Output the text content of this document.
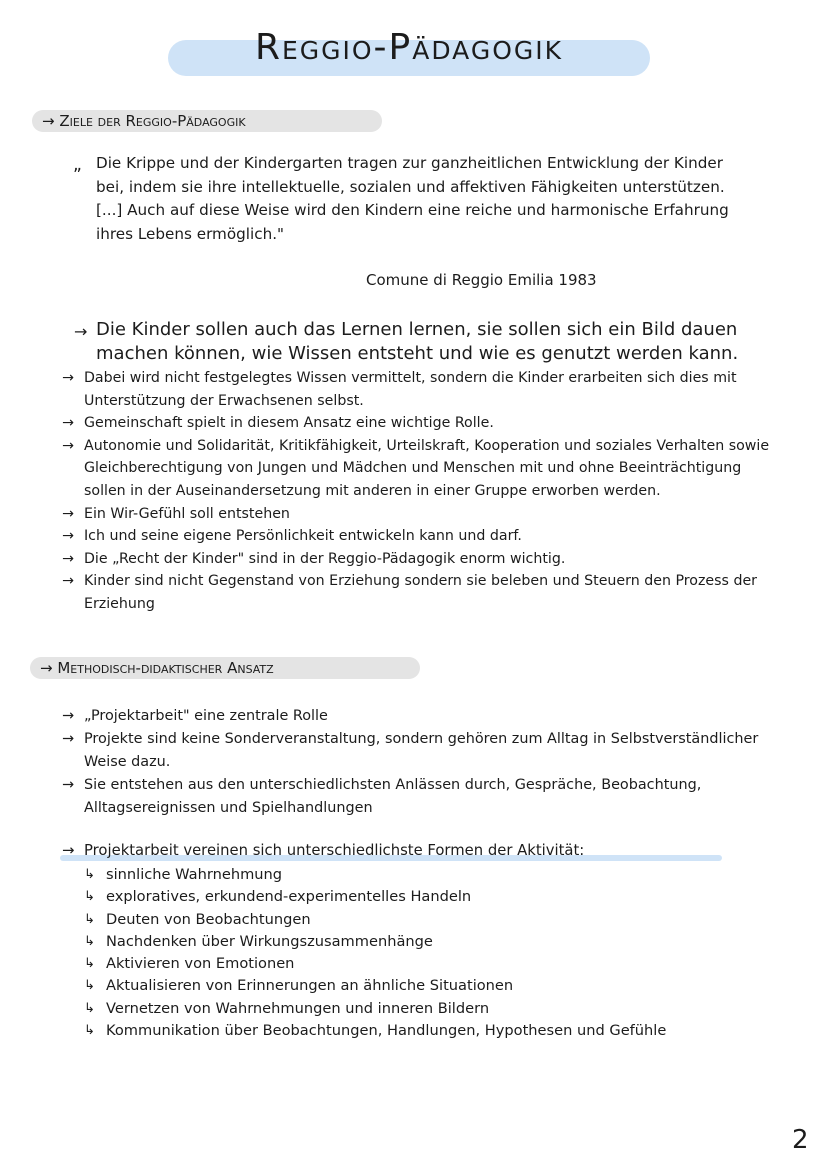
Reggio-Pädagogik
→ Ziele der Reggio-Pädagogik
„ Die Krippe und der Kindergarten tragen zur ganzheitlichen Entwicklung der Kinder bei, indem sie ihre intellektuelle, sozialen und affektiven Fähigkeiten unterstützen. [...] Auch auf diese Weise wird den Kindern eine reiche und harmonische Erfahrung ihres Lebens ermöglich."
Comune di Reggio Emilia 1983
→ Die Kinder sollen auch das Lernen lernen, sie sollen sich ein Bild dauen machen können, wie Wissen entsteht und wie es genutzt werden kann.
→ Dabei wird nicht festgelegtes Wissen vermittelt, sondern die Kinder erarbeiten sich dies mit Unterstützung der Erwachsenen selbst.
→ Gemeinschaft spielt in diesem Ansatz eine wichtige Rolle.
→ Autonomie und Solidarität, Kritikfähigkeit, Urteilskraft, Kooperation und soziales Verhalten sowie Gleichberechtigung von Jungen und Mädchen und Menschen mit und ohne Beeinträchtigung sollen in der Auseinandersetzung mit anderen in einer Gruppe erworben werden.
→ Ein Wir-Gefühl soll entstehen
→ Ich und seine eigene Persönlichkeit entwickeln kann und darf.
→ Die „Recht der Kinder" sind in der Reggio-Pädagogik enorm wichtig.
→ Kinder sind nicht Gegenstand von Erziehung sondern sie beleben und Steuern den Prozess der Erziehung
→ Methodisch-didaktischer Ansatz
→ „Projektarbeit" eine zentrale Rolle
→ Projekte sind keine Sonderveranstaltung, sondern gehören zum Alltag in Selbstverständlicher Weise dazu.
→ Sie entstehen aus den unterschiedlichsten Anlässen durch, Gespräche, Beobachtung, Alltagsereignissen und Spielhandlungen
→ Projektarbeit vereinen sich unterschiedlichste Formen der Aktivität:
↳ sinnliche Wahrnehmung
↳ exploratives, erkundend-experimentelles Handeln
↳ Deuten von Beobachtungen
↳ Nachdenken über Wirkungszusammenhänge
↳ Aktivieren von Emotionen
↳ Aktualisieren von Erinnerungen an ähnliche Situationen
↳ Vernetzen von Wahrnehmungen und inneren Bildern
↳ Kommunikation über Beobachtungen, Handlungen, Hypothesen und Gefühle
2
